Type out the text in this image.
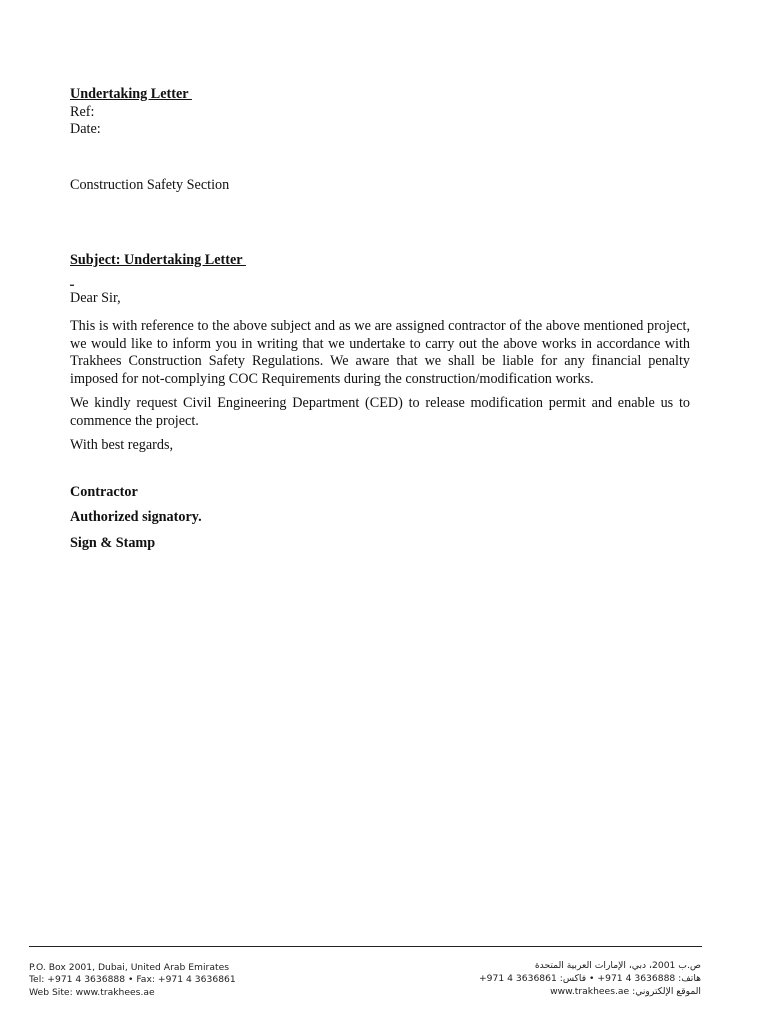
Undertaking Letter
Ref:
Date:
Construction Safety Section
Subject: Undertaking Letter
_
Dear Sir,

This is with reference to the above subject and as we are assigned contractor of the above mentioned project, we would like to inform you in writing that we undertake to carry out the above works in accordance with Trakhees Construction Safety Regulations. We aware that we shall be liable for any financial penalty imposed for not-complying COC Requirements during the construction/modification works.

We kindly request Civil Engineering Department (CED) to release modification permit and enable us to commence the project.

With best regards,

Contractor
Authorized signatory.
Sign & Stamp
P.O. Box 2001, Dubai, United Arab Emirates
Tel: +971 4 3636888 • Fax: +971 4 3636861
Web Site: www.trakhees.ae
ص.ب 2001، دبي، الإمارات العربية المتحدة
هاتف: 3636888 4 971+ • فاكس: 3636861 4 971+
الموقع الإلكتروني: www.trakhees.ae
